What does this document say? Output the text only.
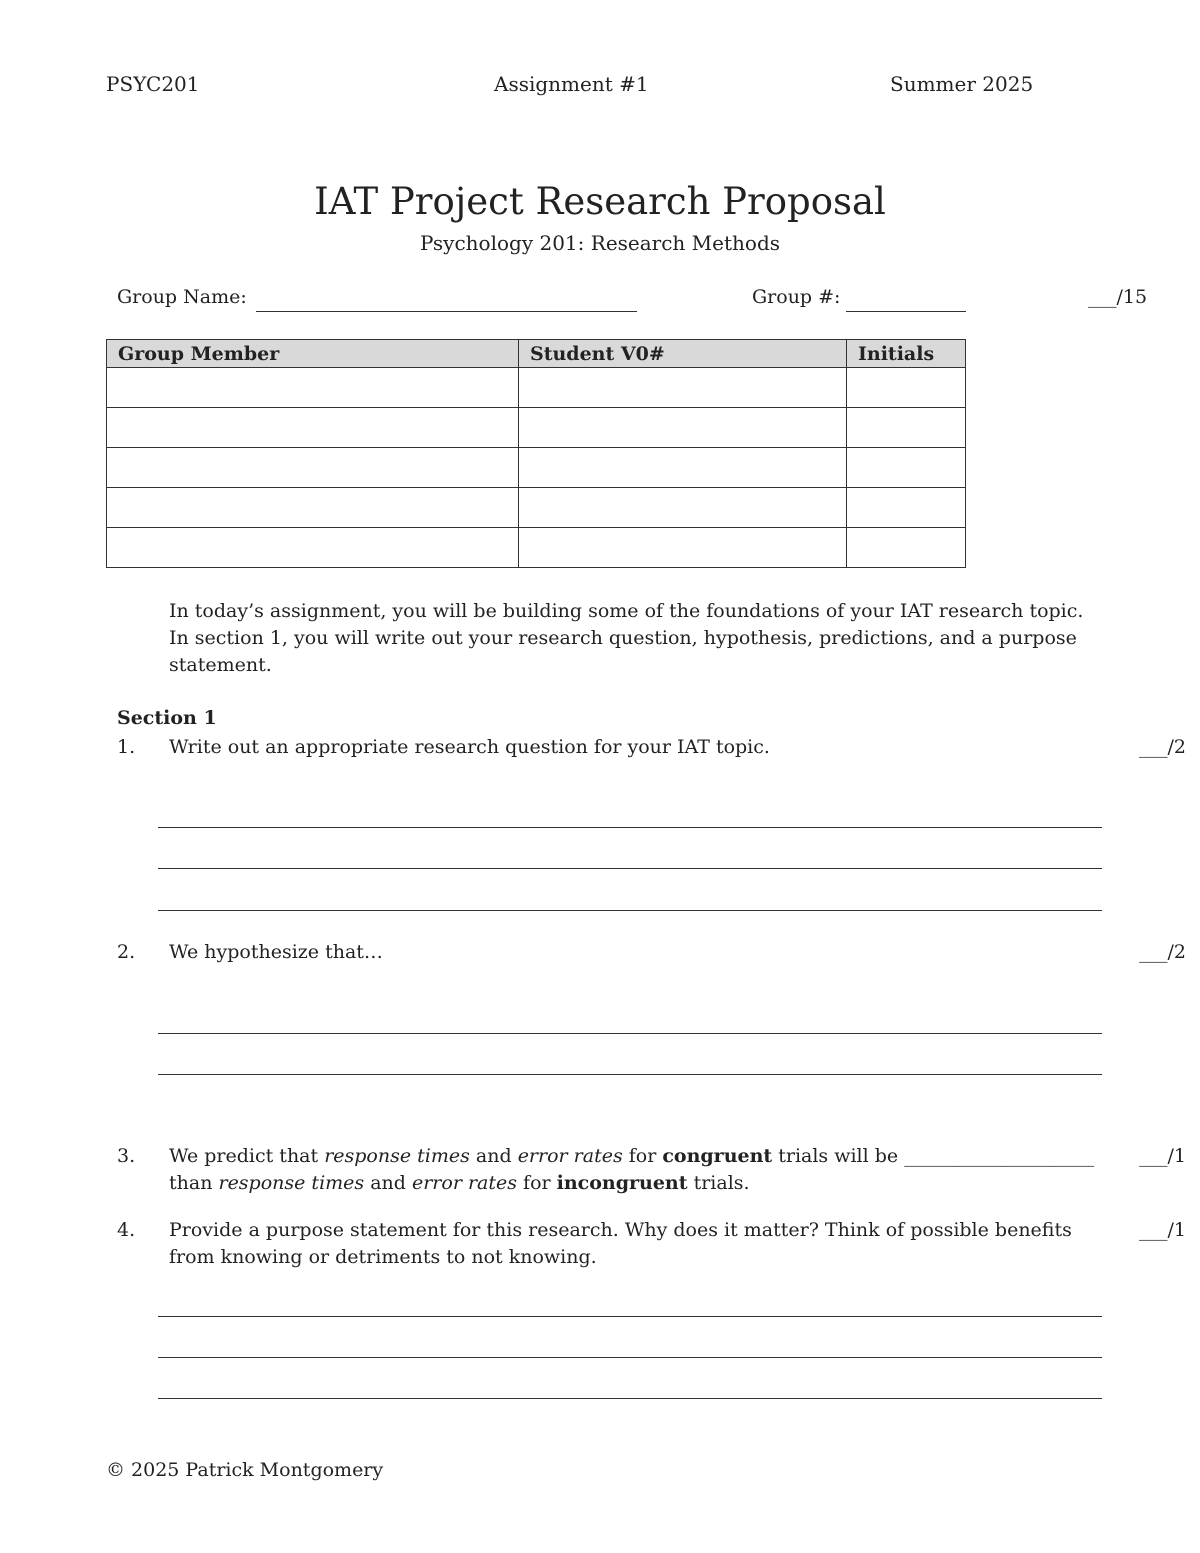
PSYC201	Assignment #1	Summer 2025
IAT Project Research Proposal
Psychology 201: Research Methods
Group Name:	Group #:	___/15
Group Member	Student V0#	Initials

In today’s assignment, you will be building some of the foundations of your IAT research topic.
In section 1, you will write out your research question, hypothesis, predictions, and a purpose
statement.
Section 1
1. Write out an appropriate research question for your IAT topic.	___/2
2. We hypothesize that…	___/2
3. We predict that response times and error rates for congruent trials will be ____________________
than response times and error rates for incongruent trials.
___/1
4. Provide a purpose statement for this research. Why does it matter? Think of possible benefits
from knowing or detriments to not knowing.
___/1
© 2025 Patrick Montgomery
